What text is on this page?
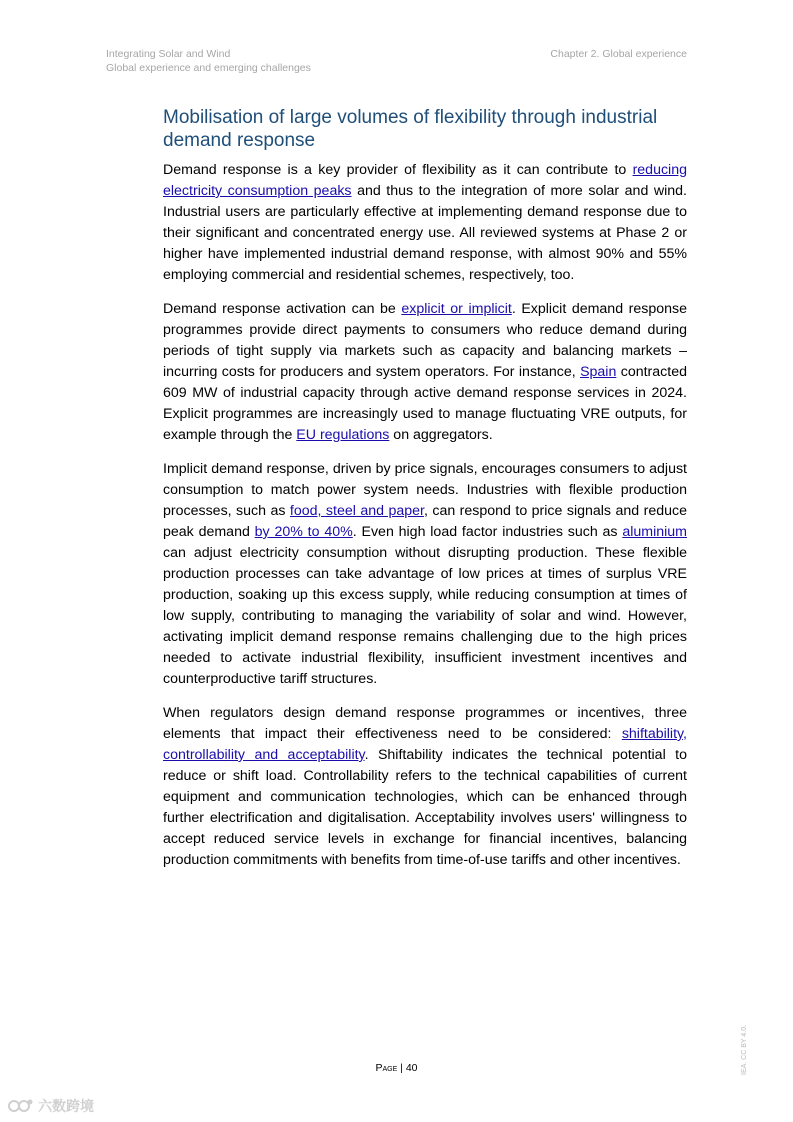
Integrating Solar and Wind
Global experience and emerging challenges
Chapter 2. Global experience
Mobilisation of large volumes of flexibility through industrial demand response

Demand response is a key provider of flexibility as it can contribute to reducing electricity consumption peaks and thus to the integration of more solar and wind. Industrial users are particularly effective at implementing demand response due to their significant and concentrated energy use. All reviewed systems at Phase 2 or higher have implemented industrial demand response, with almost 90% and 55% employing commercial and residential schemes, respectively, too.

Demand response activation can be explicit or implicit. Explicit demand response programmes provide direct payments to consumers who reduce demand during periods of tight supply via markets such as capacity and balancing markets – incurring costs for producers and system operators. For instance, Spain contracted 609 MW of industrial capacity through active demand response services in 2024. Explicit programmes are increasingly used to manage fluctuating VRE outputs, for example through the EU regulations on aggregators.

Implicit demand response, driven by price signals, encourages consumers to adjust consumption to match power system needs. Industries with flexible production processes, such as food, steel and paper, can respond to price signals and reduce peak demand by 20% to 40%. Even high load factor industries such as aluminium can adjust electricity consumption without disrupting production. These flexible production processes can take advantage of low prices at times of surplus VRE production, soaking up this excess supply, while reducing consumption at times of low supply, contributing to managing the variability of solar and wind. However, activating implicit demand response remains challenging due to the high prices needed to activate industrial flexibility, insufficient investment incentives and counterproductive tariff structures.

When regulators design demand response programmes or incentives, three elements that impact their effectiveness need to be considered: shiftability, controllability and acceptability. Shiftability indicates the technical potential to reduce or shift load. Controllability refers to the technical capabilities of current equipment and communication technologies, which can be enhanced through further electrification and digitalisation. Acceptability involves users' willingness to accept reduced service levels in exchange for financial incentives, balancing production commitments with benefits from time-of-use tariffs and other incentives.

Page | 40	IEA. CC BY 4.0.
六数跨境
